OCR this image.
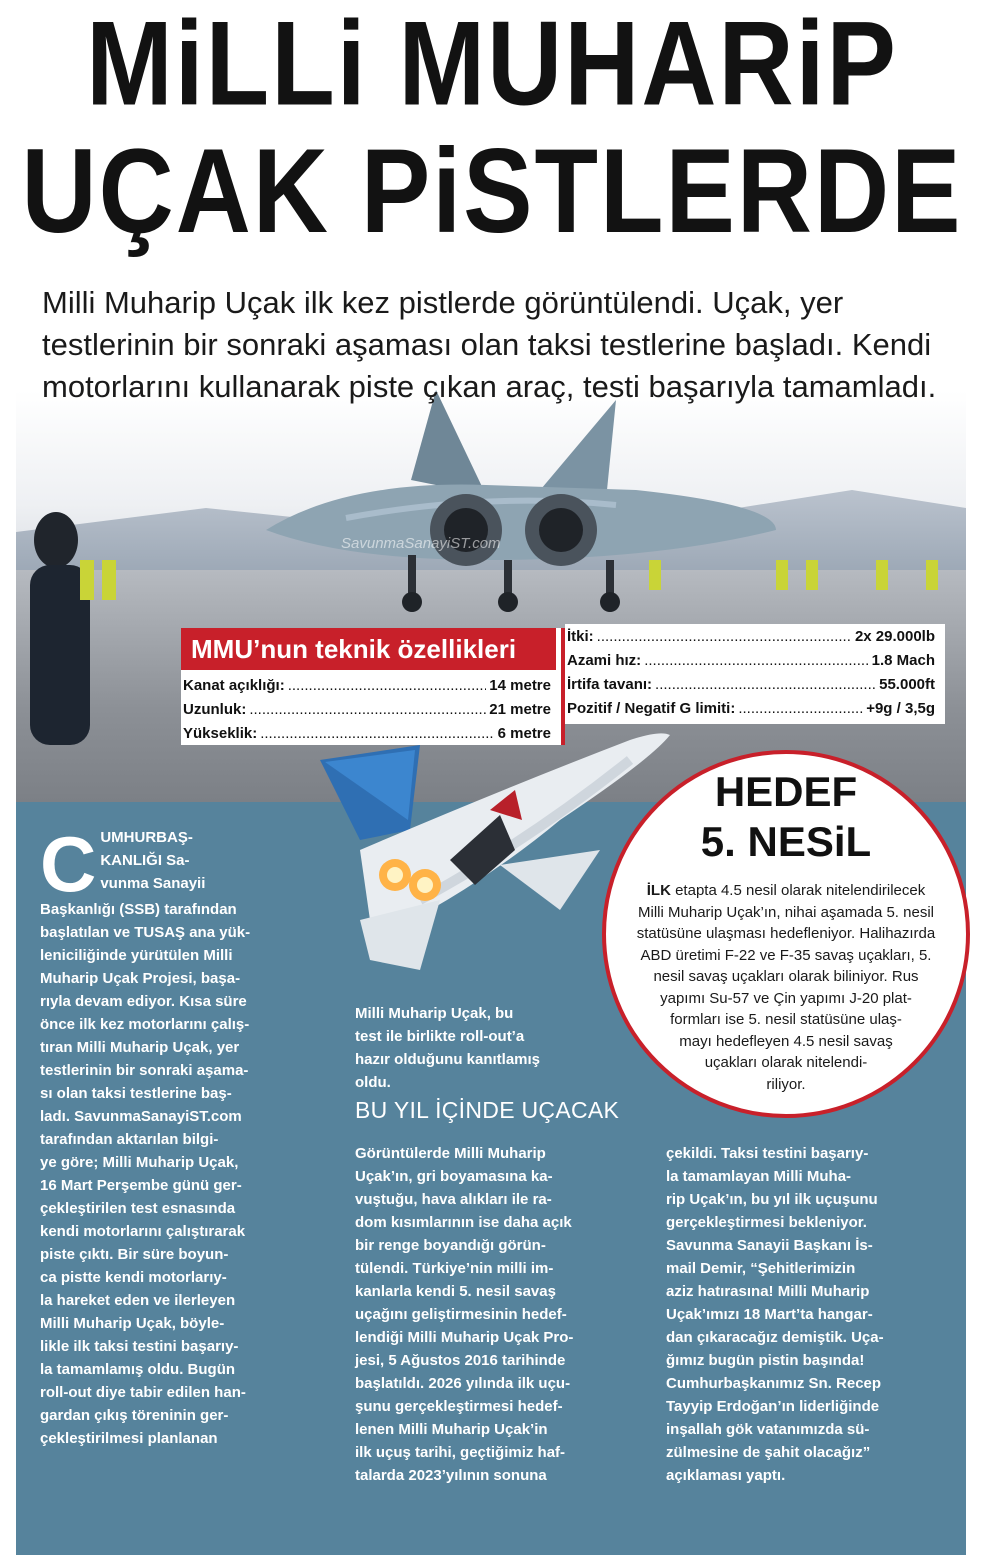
SavunmaSanayiST.com
MiLLi MUHARiP
UÇAK PiSTLERDE
Milli Muharip Uçak ilk kez pistlerde görüntülendi. Uçak, yer testlerinin bir sonraki aşaması olan taksi testlerine başladı. Kendi motorlarını kullanarak piste çıkan araç, testi başarıyla tamamladı.
MMU’nun teknik özellikleri
Kanat açıklığı: .....	14 metre
Uzunluk: .....	21 metre
Yükseklik: .....	6 metre
İtki: .....	2x 29.000lb
Azami hız: .....	1.8 Mach
İrtifa tavanı: .....	55.000ft
Pozitif / Negatif G limiti: .....	+9g / 3,5g
HEDEF
5. NESiL
İLK etapta 4.5 nesil olarak nitelendirilecek
Milli Muharip Uçak’ın, nihai aşamada 5. nesil
statüsüne ulaşması hedefleniyor. Halihazırda
ABD üretimi F-22 ve F-35 savaş uçakları, 5.
nesil savaş uçakları olarak biliniyor. Rus
yapımı Su-57 ve Çin yapımı J-20 plat-
formları ise 5. nesil statüsüne ulaş-
mayı hedefleyen 4.5 nesil savaş
uçakları olarak nitelendi-
riliyor.
C UMHURBAŞ-
KANLIĞI Sa-
vunma Sanayii
Başkanlığı (SSB) tarafından
başlatılan ve TUSAŞ ana yük-
leniciliğinde yürütülen Milli
Muharip Uçak Projesi, başa-
rıyla devam ediyor. Kısa süre
önce ilk kez motorlarını çalış-
tıran Milli Muharip Uçak, yer
testlerinin bir sonraki aşama-
sı olan taksi testlerine baş-
ladı. SavunmaSanayiST.com
tarafından aktarılan bilgi-
ye göre; Milli Muharip Uçak,
16 Mart Perşembe günü ger-
çekleştirilen test esnasında
kendi motorlarını çalıştırarak
piste çıktı. Bir süre boyun-
ca pistte kendi motorlarıy-
la hareket eden ve ilerleyen
Milli Muharip Uçak, böyle-
likle ilk taksi testini başarıy-
la tamamlamış oldu. Bugün
roll-out diye tabir edilen han-
gardan çıkış töreninin ger-
çekleştirilmesi planlanan
Milli Muharip Uçak, bu
test ile birlikte roll-out’a
hazır olduğunu kanıtlamış
oldu.
BU YIL İÇİNDE UÇACAK
Görüntülerde Milli Muharip
Uçak’ın, gri boyamasına ka-
vuştuğu, hava alıkları ile ra-
dom kısımlarının ise daha açık
bir renge boyandığı görün-
tülendi. Türkiye’nin milli im-
kanlarla kendi 5. nesil savaş
uçağını geliştirmesinin hedef-
lendiği Milli Muharip Uçak Pro-
jesi, 5 Ağustos 2016 tarihinde
başlatıldı. 2026 yılında ilk uçu-
şunu gerçekleştirmesi hedef-
lenen Milli Muharip Uçak’in
ilk uçuş tarihi, geçtiğimiz haf-
talarda 2023’yılının sonuna
çekildi. Taksi testini başarıy-
la tamamlayan Milli Muha-
rip Uçak’ın, bu yıl ilk uçuşunu
gerçekleştirmesi bekleniyor.
Savunma Sanayii Başkanı İs-
mail Demir, “Şehitlerimizin
aziz hatırasına! Milli Muharip
Uçak’ımızı 18 Mart’ta hangar-
dan çıkaracağız demiştik. Uça-
ğımız bugün pistin başında!
Cumhurbaşkanımız Sn. Recep
Tayyip Erdoğan’ın liderliğinde
inşallah gök vatanımızda sü-
zülmesine de şahit olacağız”
açıklaması yaptı.
